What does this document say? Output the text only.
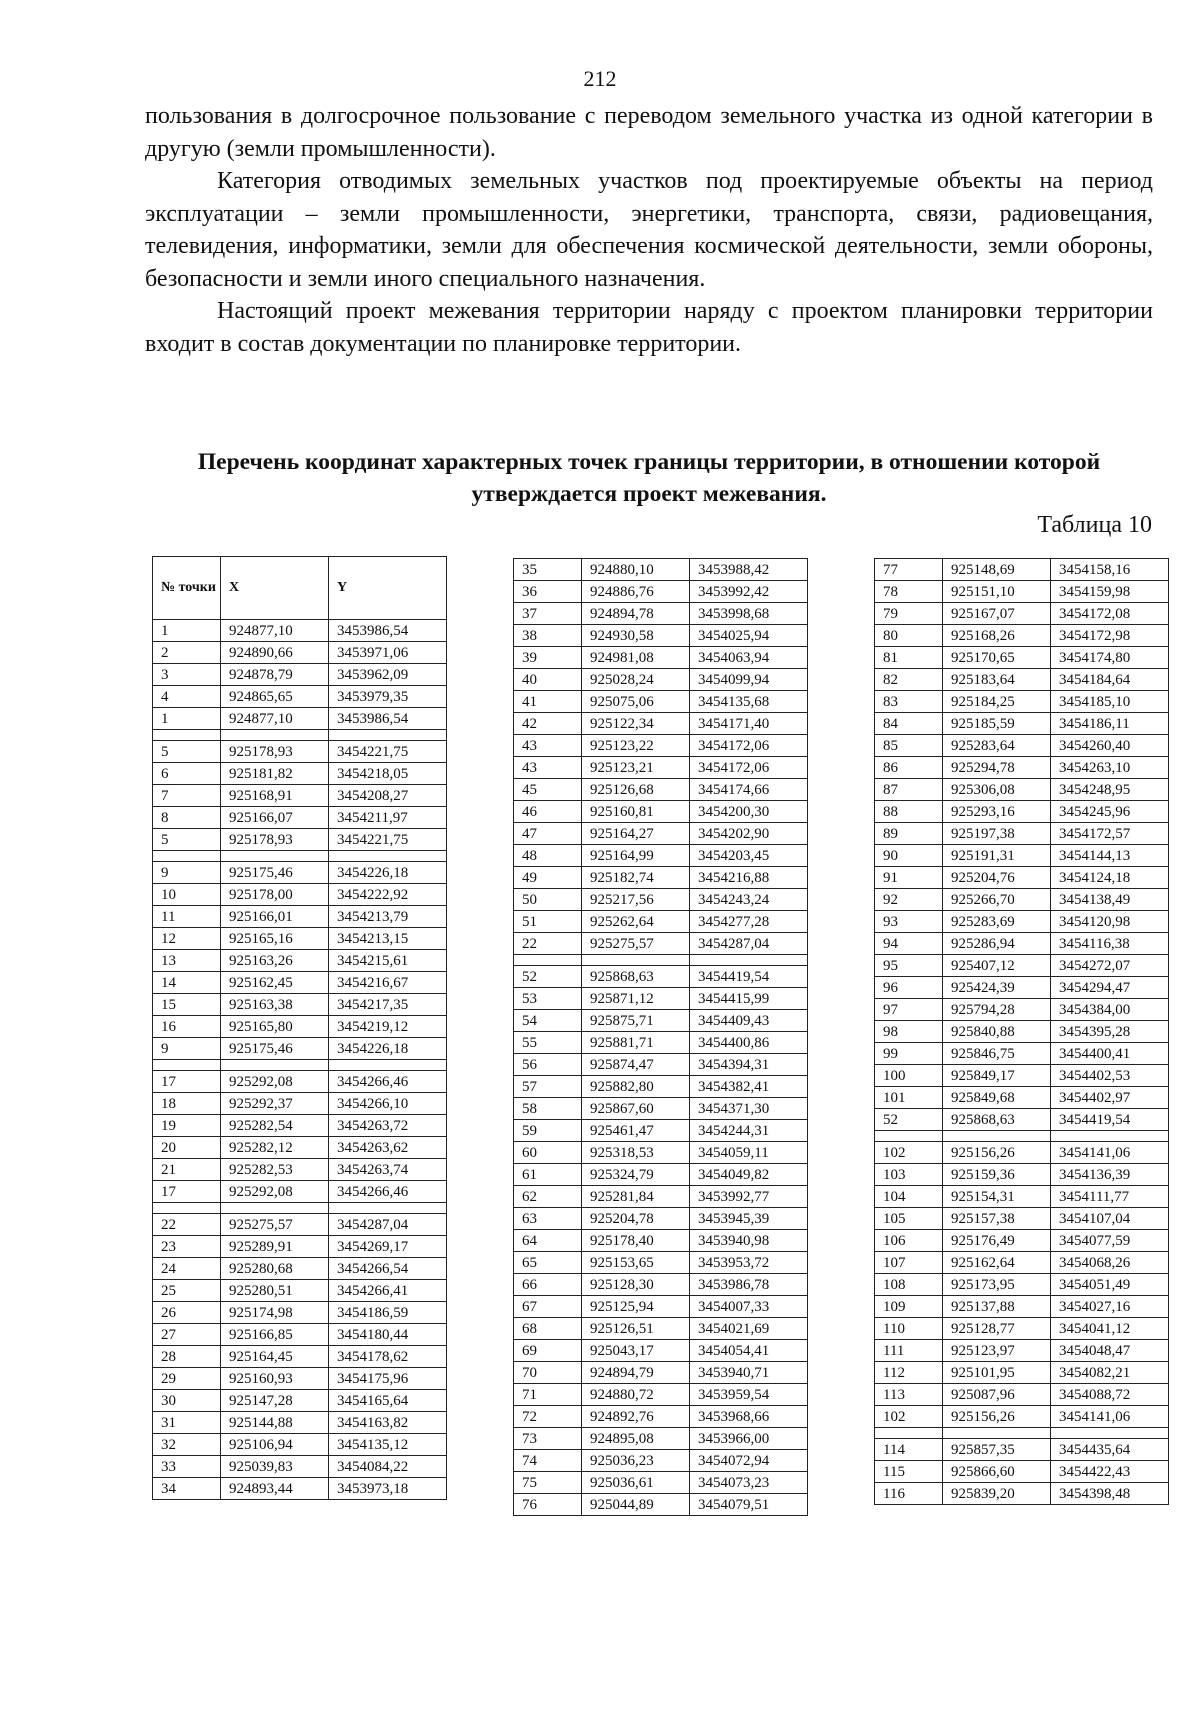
212

пользования в долгосрочное пользование с переводом земельного участка из одной категории в другую (земли промышленности).

Категория отводимых земельных участков под проектируемые объекты на период эксплуатации – земли промышленности, энергетики, транспорта, связи, радиовещания, телевидения, информатики, земли для обеспечения космической деятельности, земли обороны, безопасности и земли иного специального назначения.

Настоящий проект межевания территории наряду с проектом планировки территории входит в состав документации по планировке территории.

Перечень координат характерных точек границы территории, в отношении которой утверждается проект межевания.
Таблица 10
№ точки	X	Y
1	924877,10	3453986,54
2	924890,66	3453971,06
3	924878,79	3453962,09
4	924865,65	3453979,35
1	924877,10	3453986,54

5	925178,93	3454221,75
6	925181,82	3454218,05
7	925168,91	3454208,27
8	925166,07	3454211,97
5	925178,93	3454221,75

9	925175,46	3454226,18
10	925178,00	3454222,92
11	925166,01	3454213,79
12	925165,16	3454213,15
13	925163,26	3454215,61
14	925162,45	3454216,67
15	925163,38	3454217,35
16	925165,80	3454219,12
9	925175,46	3454226,18

17	925292,08	3454266,46
18	925292,37	3454266,10
19	925282,54	3454263,72
20	925282,12	3454263,62
21	925282,53	3454263,74
17	925292,08	3454266,46

22	925275,57	3454287,04
23	925289,91	3454269,17
24	925280,68	3454266,54
25	925280,51	3454266,41
26	925174,98	3454186,59
27	925166,85	3454180,44
28	925164,45	3454178,62
29	925160,93	3454175,96
30	925147,28	3454165,64
31	925144,88	3454163,82
32	925106,94	3454135,12
33	925039,83	3454084,22
34	924893,44	3453973,18
35	924880,10	3453988,42
36	924886,76	3453992,42
37	924894,78	3453998,68
38	924930,58	3454025,94
39	924981,08	3454063,94
40	925028,24	3454099,94
41	925075,06	3454135,68
42	925122,34	3454171,40
43	925123,22	3454172,06
43	925123,21	3454172,06
45	925126,68	3454174,66
46	925160,81	3454200,30
47	925164,27	3454202,90
48	925164,99	3454203,45
49	925182,74	3454216,88
50	925217,56	3454243,24
51	925262,64	3454277,28
22	925275,57	3454287,04

52	925868,63	3454419,54
53	925871,12	3454415,99
54	925875,71	3454409,43
55	925881,71	3454400,86
56	925874,47	3454394,31
57	925882,80	3454382,41
58	925867,60	3454371,30
59	925461,47	3454244,31
60	925318,53	3454059,11
61	925324,79	3454049,82
62	925281,84	3453992,77
63	925204,78	3453945,39
64	925178,40	3453940,98
65	925153,65	3453953,72
66	925128,30	3453986,78
67	925125,94	3454007,33
68	925126,51	3454021,69
69	925043,17	3454054,41
70	924894,79	3453940,71
71	924880,72	3453959,54
72	924892,76	3453968,66
73	924895,08	3453966,00
74	925036,23	3454072,94
75	925036,61	3454073,23
76	925044,89	3454079,51
77	925148,69	3454158,16
78	925151,10	3454159,98
79	925167,07	3454172,08
80	925168,26	3454172,98
81	925170,65	3454174,80
82	925183,64	3454184,64
83	925184,25	3454185,10
84	925185,59	3454186,11
85	925283,64	3454260,40
86	925294,78	3454263,10
87	925306,08	3454248,95
88	925293,16	3454245,96
89	925197,38	3454172,57
90	925191,31	3454144,13
91	925204,76	3454124,18
92	925266,70	3454138,49
93	925283,69	3454120,98
94	925286,94	3454116,38
95	925407,12	3454272,07
96	925424,39	3454294,47
97	925794,28	3454384,00
98	925840,88	3454395,28
99	925846,75	3454400,41
100	925849,17	3454402,53
101	925849,68	3454402,97
52	925868,63	3454419,54

102	925156,26	3454141,06
103	925159,36	3454136,39
104	925154,31	3454111,77
105	925157,38	3454107,04
106	925176,49	3454077,59
107	925162,64	3454068,26
108	925173,95	3454051,49
109	925137,88	3454027,16
110	925128,77	3454041,12
111	925123,97	3454048,47
112	925101,95	3454082,21
113	925087,96	3454088,72
102	925156,26	3454141,06

114	925857,35	3454435,64
115	925866,60	3454422,43
116	925839,20	3454398,48
